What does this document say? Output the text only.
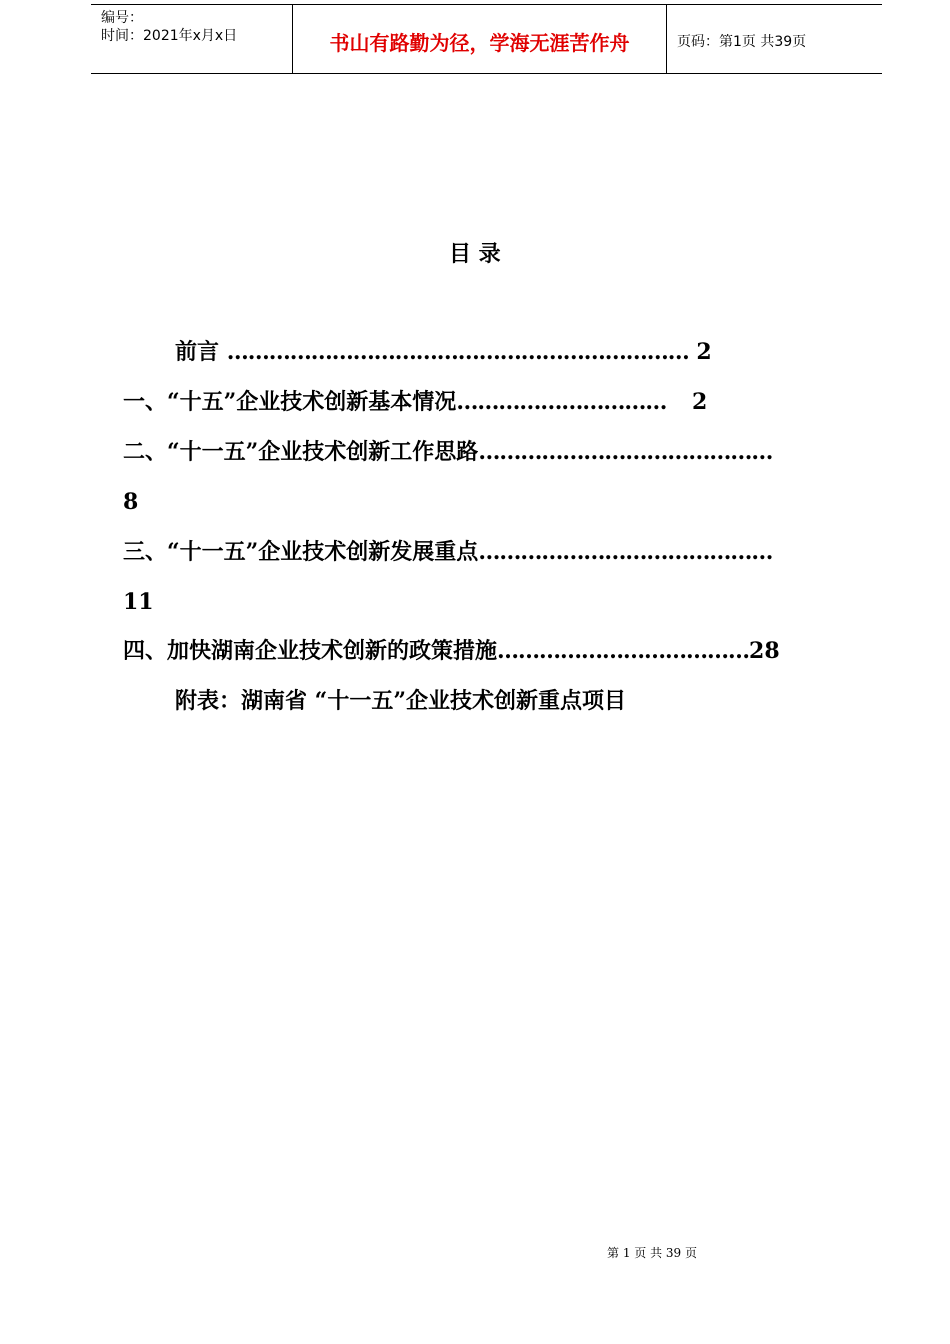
编号：
时间：2021年x月x日	书山有路勤为径，学海无涯苦作舟	页码：第1页 共39页
目 录
前言 ………………………………………………………… 2
一、“十五”企业技术创新基本情况………………………… 2
二、“十一五”企业技术创新工作思路……………………………………
8
三、“十一五”企业技术创新发展重点……………………………………
11
四、加快湖南企业技术创新的政策措施………………………………28
附表：湖南省 “十一五”企业技术创新重点项目
第 1 页 共 39 页
